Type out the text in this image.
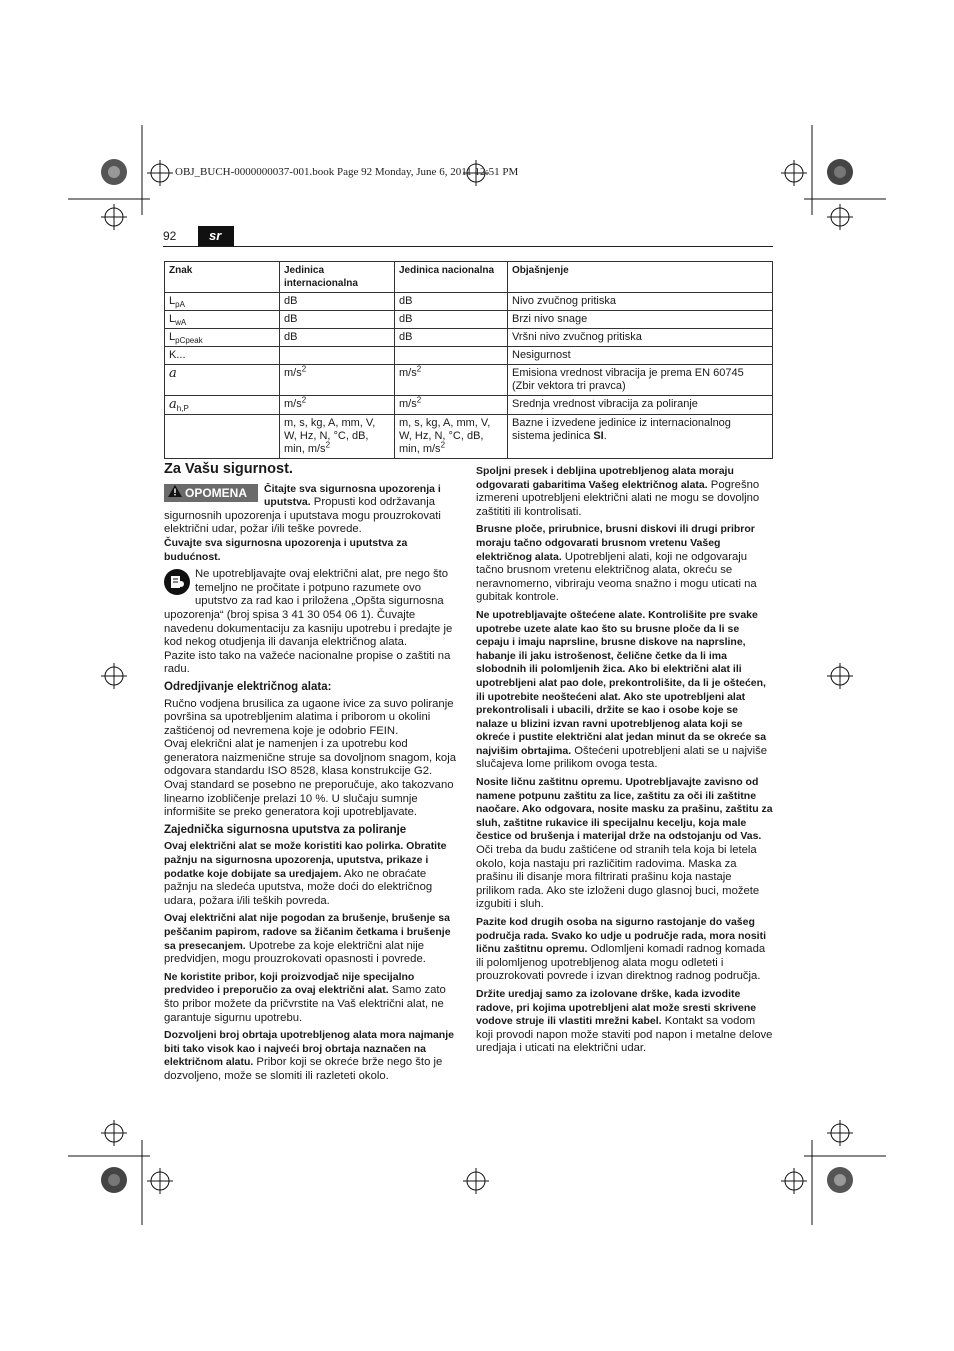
OBJ_BUCH-0000000037-001.book Page 92 Monday, June 6, 2011 12:51 PM
92	sr
Znak	Jedinica internacionalna	Jedinica nacionalna	Objašnjenje
$L_{pA}$	dB	dB	Nivo zvučnog pritiska
$L_{wA}$	dB	dB	Brzi nivo snage
$L_{pCpeak}$	dB	dB	Vršni nivo zvučnog pritiska
K...			Nesigurnost
a	$m/s^2$	$m/s^2$	Emisiona vrednost vibracija je prema EN 60745 (Zbir vektora tri pravca)
$a_{h,P}$	$m/s^2$	$m/s^2$	Srednja vrednost vibracija za poliranje
	m, s, kg, A, mm, V, W, Hz, N, °C, dB, min, $m/s^2$	m, s, kg, A, mm, V, W, Hz, N, °C, dB, min, $m/s^2$	Bazne i izvedene jedinice iz internacionalnog sistema jedinica SI.
Za Vašu sigurnost.
OPOMENA Čitajte sva sigurnosna upozorenja i uputstva. Propusti kod održavanja sigurnosnih upozorenja i uputstava mogu prouzrokovati električni udar, požar i/ili teške povrede.

Čuvajte sva sigurnosna upozorenja i uputstva za budućnost.

Ne upotrebljavajte ovaj električni alat, pre nego što temeljno ne pročitate i potpuno razumete ovo uputstvo za rad kao i priložena „Opšta sigurnosna upozorenja“ (broj spisa 3 41 30 054 06 1). Čuvajte navedenu dokumentaciju za kasniju upotrebu i predajte je kod nekog otudjenja ili davanja električnog alata.

Pazite isto tako na važeće nacionalne propise o zaštiti na radu.

Odredjivanje električnog alata:

Ručno vodjena brusilica za ugaone ivice za suvo poliranje površina sa upotrebljenim alatima i priborom u okolini zaštićenoj od nevremena koje je odobrio FEIN.

Ovaj elekrični alat je namenjen i za upotrebu kod generatora naizmenične struje sa dovoljnom snagom, koja odgovara standardu ISO 8528, klasa konstrukcije G2. Ovaj standard se posebno ne preporučuje, ako takozvano linearno izobličenje prelazi 10 %. U slučaju sumnje informišite se preko generatora koji upotrebljavate.

Zajednička sigurnosna uputstva za poliranje

Ovaj električni alat se može koristiti kao polirka. Obratite pažnju na sigurnosna upozorenja, uputstva, prikaze i podatke koje dobijate sa uredjajem. Ako ne obraćate pažnju na sledeća uputstva, može doći do električnog udara, požara i/ili teških povreda.

Ovaj električni alat nije pogodan za brušenje, brušenje sa peščanim papirom, radove sa žičanim četkama i brušenje sa presecanjem. Upotrebe za koje električni alat nije predvidjen, mogu prouzrokovati opasnosti i povrede.

Ne koristite pribor, koji proizvodjač nije specijalno predvideo i preporučio za ovaj električni alat. Samo zato što pribor možete da pričvrstite na Vaš električni alat, ne garantuje sigurnu upotrebu.

Dozvoljeni broj obrtaja upotrebljenog alata mora najmanje biti tako visok kao i najveći broj obrtaja naznačen na električnom alatu. Pribor koji se okreće brže nego što je dozvoljeno, može se slomiti ili razleteti okolo.

Spoljni presek i debljina upotrebljenog alata moraju odgovarati gabaritima Vašeg električnog alata. Pogrešno izmereni upotrebljeni električni alati ne mogu se dovoljno zaštititi ili kontrolisati.

Brusne ploče, prirubnice, brusni diskovi ili drugi pribror moraju tačno odgovarati brusnom vretenu Vašeg električnog alata. Upotrebljeni alati, koji ne odgovaraju tačno brusnom vretenu električnog alata, okreću se neravnomerno, vibriraju veoma snažno i mogu uticati na gubitak kontrole.

Ne upotrebljavajte oštećene alate. Kontrolišite pre svake upotrebe uzete alate kao što su brusne ploče da li se cepaju i imaju naprsline, brusne diskove na naprsline, habanje ili jaku istrošenost, čeličnе četke da li ima slobodnih ili polomljenih žica. Ako bi električni alat ili upotrebljeni alat pao dole, prekontrolišite, da li je oštećen, ili upotrebite neoštećeni alat. Ako ste upotrebljeni alat prekontrolisali i ubacili, držite se kao i osobe koje se nalaze u blizini izvan ravni upotrebljenog alata koji se okreće i pustite električni alat jedan minut da se okreće sa najvišim obrtajima. Oštećeni upotrebljeni alati se u najviše slučajeva lome prilikom ovoga testa.

Nosite ličnu zaštitnu opremu. Upotrebljavajte zavisno od namene potpunu zaštitu za lice, zaštitu za oči ili zaštitne naočare. Ako odgovara, nosite masku za prašinu, zaštitu za sluh, zaštitne rukavice ili specijalnu kecelju, koja male čestice od brušenja i materijal drže na odstojanju od Vas. Oči treba da budu zaštićene od stranih tela koja bi letela okolo, koja nastaju pri različitim radovima. Maska za prašinu ili disanje mora filtrirati prašinu koja nastaje prilikom rada. Ako ste izloženi dugo glasnoj buci, možete izgubiti i sluh.

Pazite kod drugih osoba na sigurno rastojanje do vašeg područja rada. Svako ko udje u područje rada, mora nositi ličnu zaštitnu opremu. Odlomljeni komadi radnog komada ili polomljenog upotrebljenog alata mogu odleteti i prouzrokovati povrede i izvan direktnog radnog područja.

Držite uredjaj samo za izolovane drške, kada izvodite radove, pri kojima upotrebljeni alat može sresti skrivene vodove struje ili vlastiti mrežni kabel. Kontakt sa vodom koji provodi napon može staviti pod napon i metalne delove uredjaja i uticati na električni udar.
